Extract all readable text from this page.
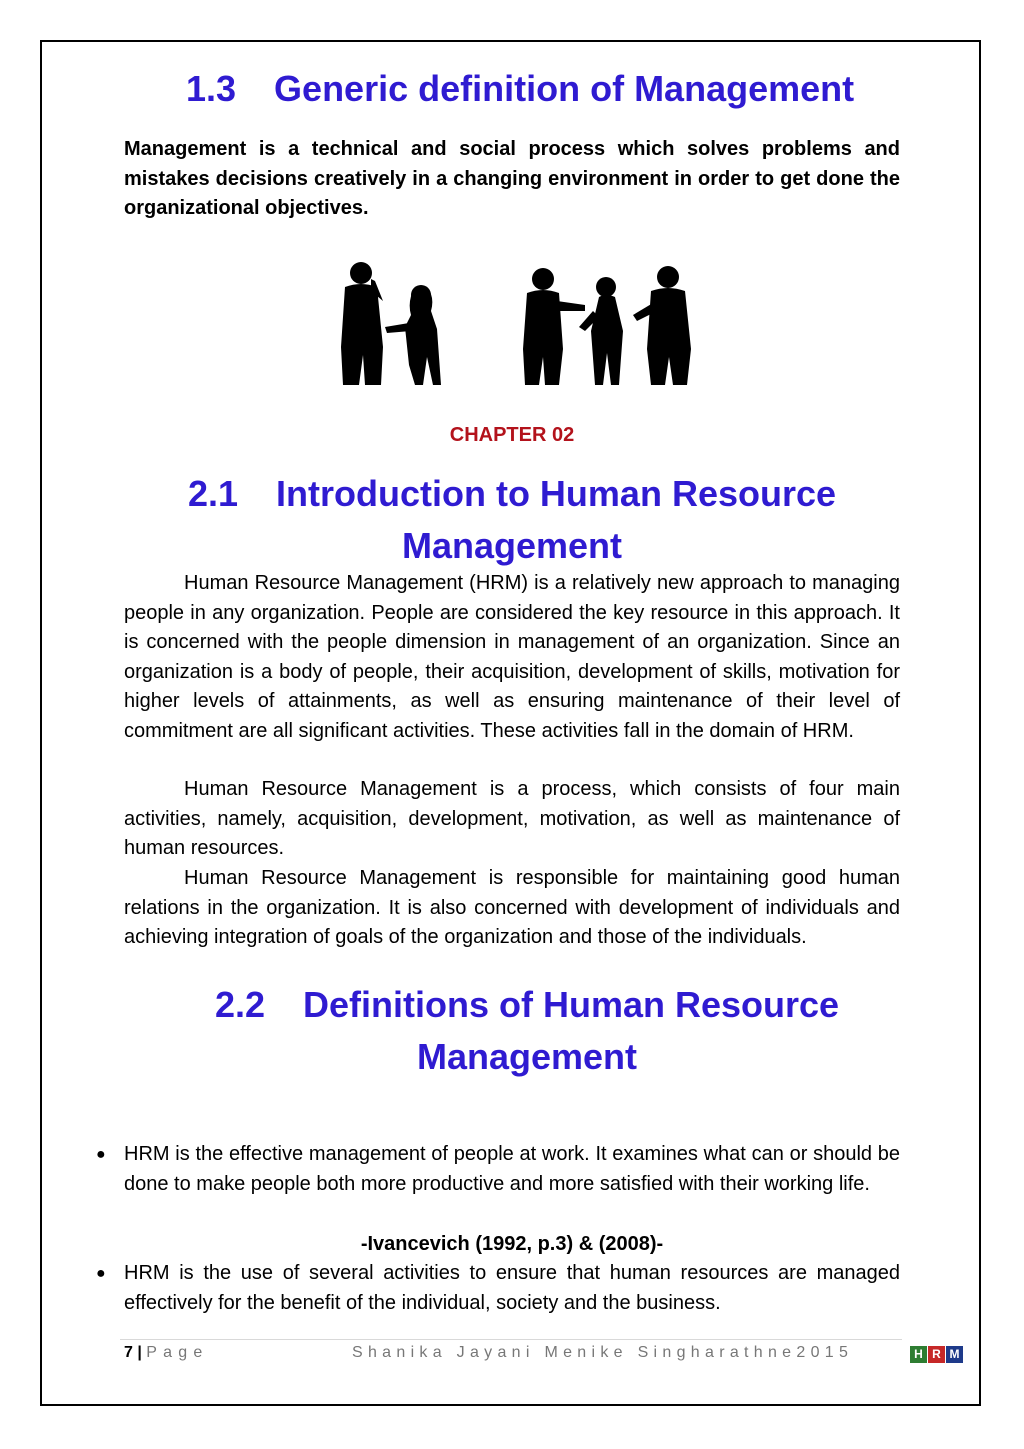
1.3 Generic definition of Management
Management is a technical and social process which solves problems and mistakes decisions creatively in a changing environment in order to get done the organizational objectives.
CHAPTER 02
2.1 Introduction to Human Resource
Management
Human Resource Management (HRM) is a relatively new approach to managing people in any organization. People are considered the key resource in this approach. It is concerned with the people dimension in management of an organization. Since an organization is a body of people, their acquisition, development of skills, motivation for higher levels of attainments, as well as ensuring maintenance of their level of commitment are all significant activities. These activities fall in the domain of HRM.
Human Resource Management is a process, which consists of four main activities, namely, acquisition, development, motivation, as well as maintenance of human resources.
Human Resource Management is responsible for maintaining good human relations in the organization. It is also concerned with development of individuals and achieving integration of goals of the organization and those of the individuals.
2.2 Definitions of Human Resource
Management
● HRM is the effective management of people at work. It examines what can or should be done to make people both more productive and more satisfied with their working life.
-Ivancevich (1992, p.3) & (2008)-
● HRM is the use of several activities to ensure that human resources are managed effectively for the benefit of the individual, society and the business.
7 | Page	Shanika Jayani Menike Singharathne2015	H R M
